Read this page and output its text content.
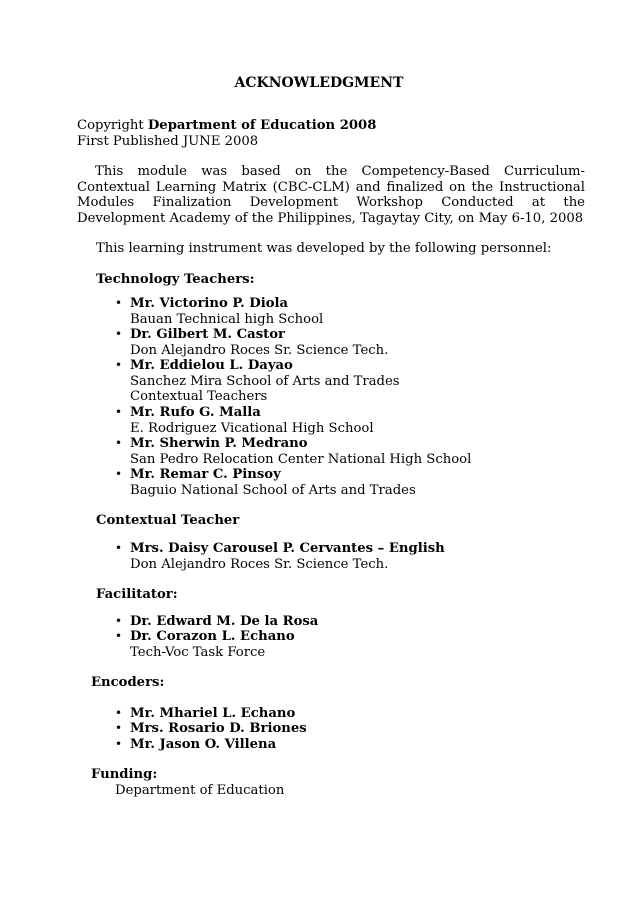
ACKNOWLEDGMENT
Copyright Department of Education 2008
First Published JUNE 2008
This module was based on the Competency-Based Curriculum-Contextual Learning Matrix (CBC-CLM) and finalized on the Instructional Modules Finalization Development Workshop Conducted at the Development Academy of the Philippines, Tagaytay City, on May 6-10, 2008
This learning instrument was developed by the following personnel:
Technology Teachers:
• Mr. Victorino P. Diola
Bauan Technical high School
• Dr. Gilbert M. Castor
Don Alejandro Roces Sr. Science Tech.
• Mr. Eddielou L. Dayao
Sanchez Mira School of Arts and Trades
Contextual Teachers
• Mr. Rufo G. Malla
E. Rodriguez Vicational High School
• Mr. Sherwin P. Medrano
San Pedro Relocation Center National High School
• Mr. Remar C. Pinsoy
Baguio National School of Arts and Trades
Contextual Teacher
• Mrs. Daisy Carousel P. Cervantes – English
Don Alejandro Roces Sr. Science Tech.
Facilitator:
• Dr. Edward M. De la Rosa
• Dr. Corazon L. Echano
Tech-Voc Task Force
Encoders:
• Mr. Mhariel L. Echano
• Mrs. Rosario D. Briones
• Mr. Jason O. Villena
Funding:
Department of Education
